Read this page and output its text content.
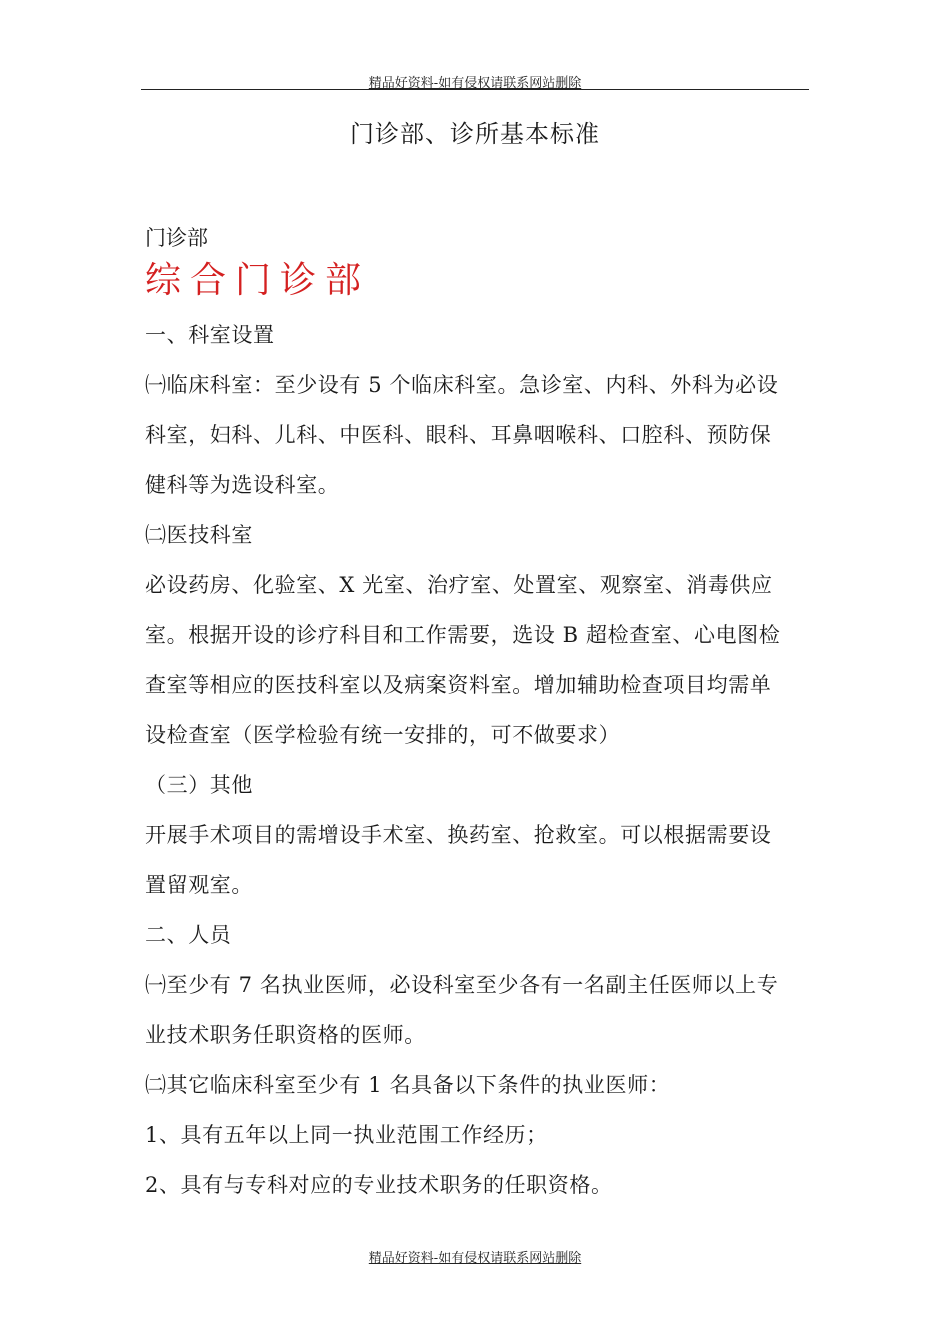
精品好资料-如有侵权请联系网站删除
门诊部、诊所基本标准
门诊部
综合门诊部
一、科室设置
㈠临床科室：至少设有 5 个临床科室。急诊室、内科、外科为必设
科室，妇科、儿科、中医科、眼科、耳鼻咽喉科、口腔科、预防保
健科等为选设科室。
㈡医技科室
必设药房、化验室、X 光室、治疗室、处置室、观察室、消毒供应
室。根据开设的诊疗科目和工作需要，选设 B 超检查室、心电图检
查室等相应的医技科室以及病案资料室。增加辅助检查项目均需单
设检查室（医学检验有统一安排的，可不做要求）
（三）其他
开展手术项目的需增设手术室、换药室、抢救室。可以根据需要设
置留观室。
二、人员
㈠至少有 7 名执业医师，必设科室至少各有一名副主任医师以上专
业技术职务任职资格的医师。
㈡其它临床科室至少有 1 名具备以下条件的执业医师：
1、具有五年以上同一执业范围工作经历；
2、具有与专科对应的专业技术职务的任职资格。
精品好资料-如有侵权请联系网站删除
